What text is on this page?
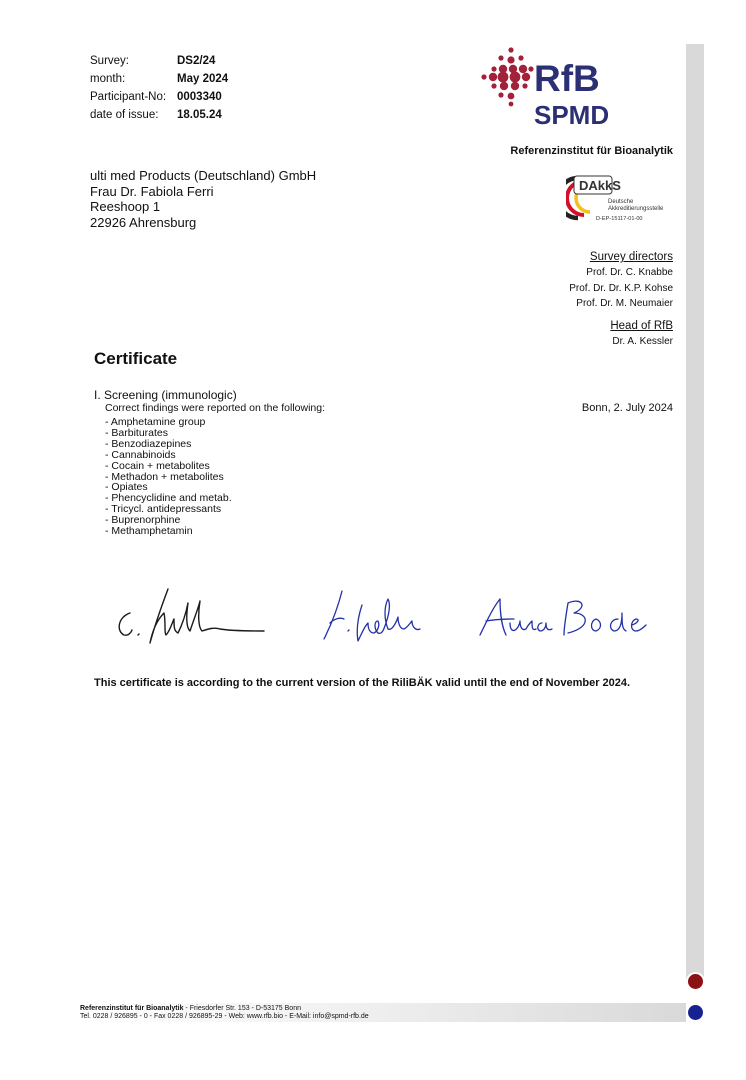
Survey:	DS2/24
month:	May 2024
Participant-No: 0003340
date of issue:	18.05.24
RfB
SPMD
Referenzinstitut für Bioanalytik
ulti med Products (Deutschland) GmbH
Frau Dr. Fabiola Ferri
Reeshoop 1
22926 Ahrensburg
DAkkS
Deutsche
Akkreditierungsstelle
D-EP-15117-01-00
Survey directors
Prof. Dr. C. Knabbe
Prof. Dr. Dr. K.P. Kohse
Prof. Dr. M. Neumaier
Head of RfB
Dr. A. Kessler
Certificate
I. Screening (immunologic)
Correct findings were reported on the following:	Bonn, 2. July 2024
- Amphetamine group
- Barbiturates
- Benzodiazepines
- Cannabinoids
- Cocain + metabolites
- Methadon + metabolites
- Opiates
- Phencyclidine and metab.
- Tricycl. antidepressants
- Buprenorphine
- Methamphetamin
This certificate is according to the current version of the RiliBÄK valid until the end of November 2024.
Referenzinstitut für Bioanalytik - Friesdorfer Str. 153 - D-53175 Bonn
Tel. 0228 / 926895 - 0 - Fax 0228 / 926895-29 - Web: www.rfb.bio - E-Mail: info@spmd-rfb.de
